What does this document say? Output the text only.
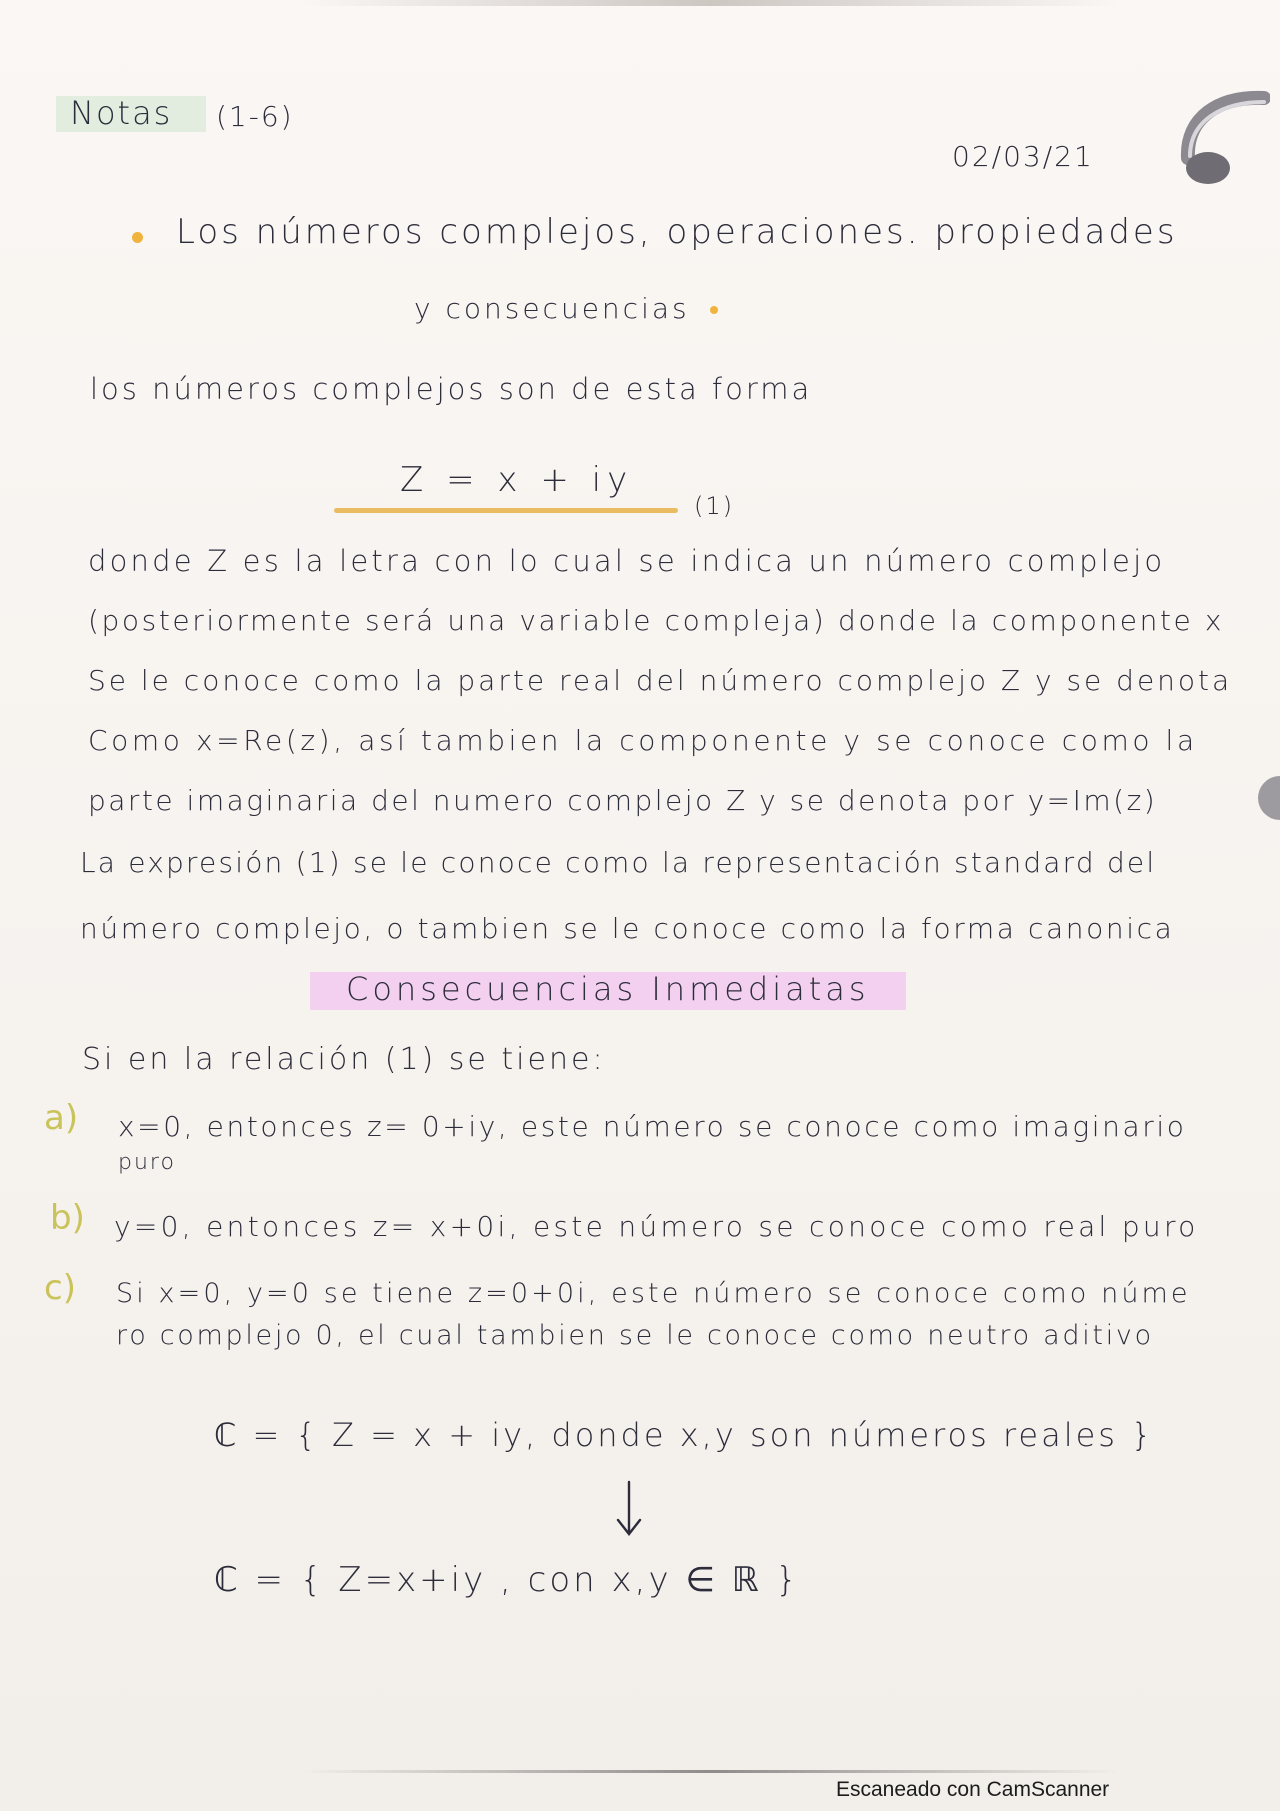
Notas (1-6)
02/03/21
Los números complejos, operaciones. propiedades
y consecuencias
los números complejos son de esta forma
Z = x + iy
(1)
donde Z es la letra con lo cual se indica un número complejo
(posteriormente será una variable compleja) donde la componente x
Se le conoce como la parte real del número complejo Z y se denota
Como x=Re(z), así tambien la componente y se conoce como la
parte imaginaria del numero complejo Z y se denota por y=Im(z)
La expresión (1) se le conoce como la representación standard del
número complejo, o tambien se le conoce como la forma canonica
Consecuencias Inmediatas
Si en la relación (1) se tiene:
a) x=0, entonces z= 0+iy, este número se conoce como imaginario
puro
b) y=0, entonces z= x+0i, este número se conoce como real puro
c) Si x=0, y=0 se tiene z=0+0i, este número se conoce como núme
ro complejo 0, el cual tambien se le conoce como neutro aditivo
ℂ = { Z = x + iy, donde x,y son números reales }
ℂ = { Z=x+iy , con x,y ∈ ℝ }
Escaneado con CamScanner
